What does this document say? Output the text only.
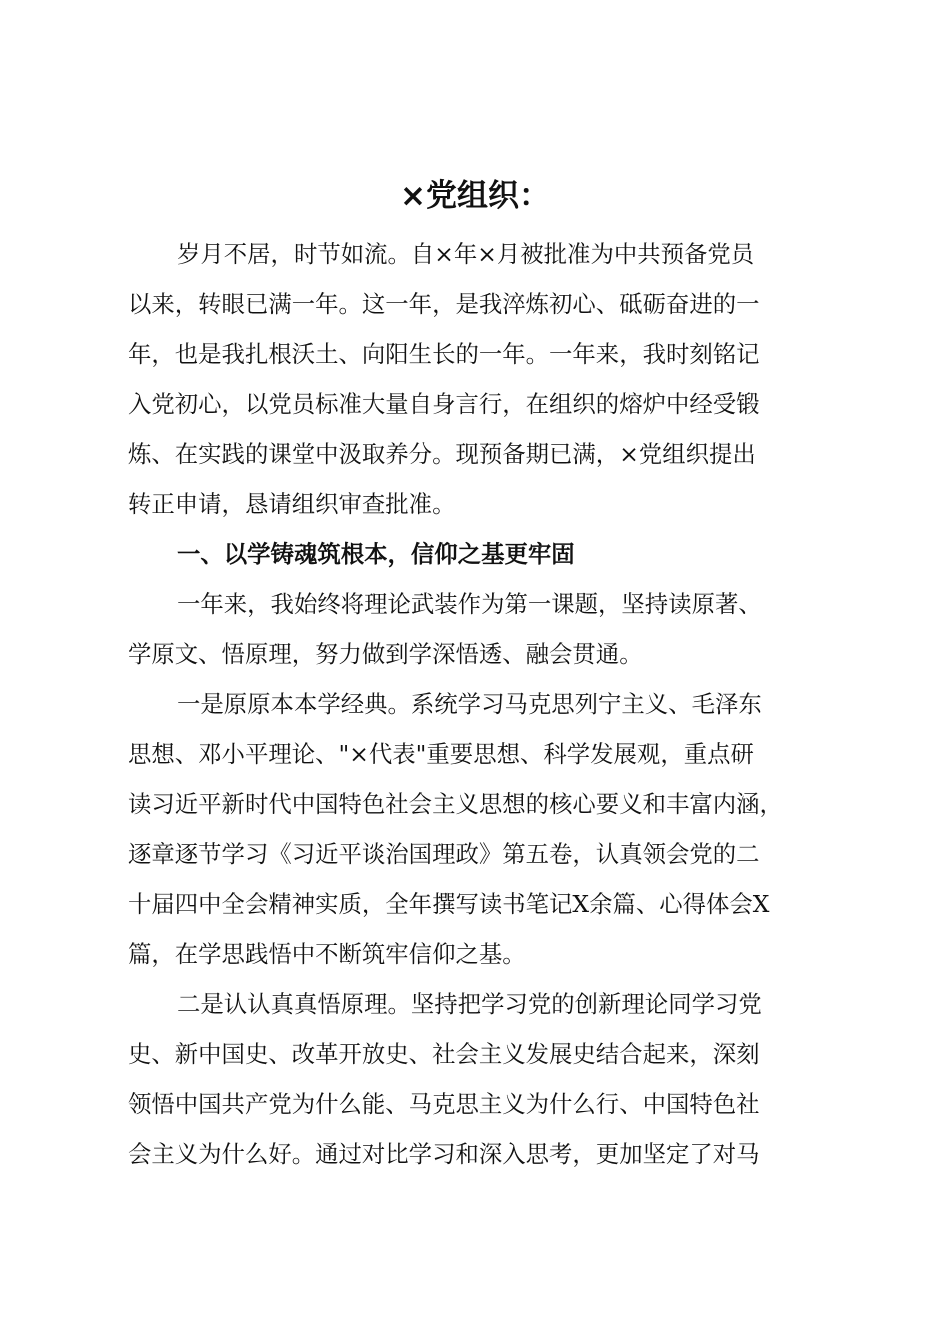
×党组织：

岁月不居，时节如流。自×年×月被批准为中共预备党员

以来，转眼已满一年。这一年，是我淬炼初心、砥砺奋进的一

年，也是我扎根沃土、向阳生长的一年。一年来，我时刻铭记

入党初心，以党员标准大量自身言行，在组织的熔炉中经受锻

炼、在实践的课堂中汲取养分。现预备期已满，×党组织提出

转正申请，恳请组织审查批准。

一、以学铸魂筑根本，信仰之基更牢固

一年来，我始终将理论武装作为第一课题，坚持读原著、

学原文、悟原理，努力做到学深悟透、融会贯通。

一是原原本本学经典。系统学习马克思列宁主义、毛泽东

思想、邓小平理论、"×代表"重要思想、科学发展观，重点研

读习近平新时代中国特色社会主义思想的核心要义和丰富内涵，

逐章逐节学习《习近平谈治国理政》第五卷，认真领会党的二

十届四中全会精神实质，全年撰写读书笔记X余篇、心得体会X

篇，在学思践悟中不断筑牢信仰之基。

二是认认真真悟原理。坚持把学习党的创新理论同学习党

史、新中国史、改革开放史、社会主义发展史结合起来，深刻

领悟中国共产党为什么能、马克思主义为什么行、中国特色社

会主义为什么好。通过对比学习和深入思考，更加坚定了对马
